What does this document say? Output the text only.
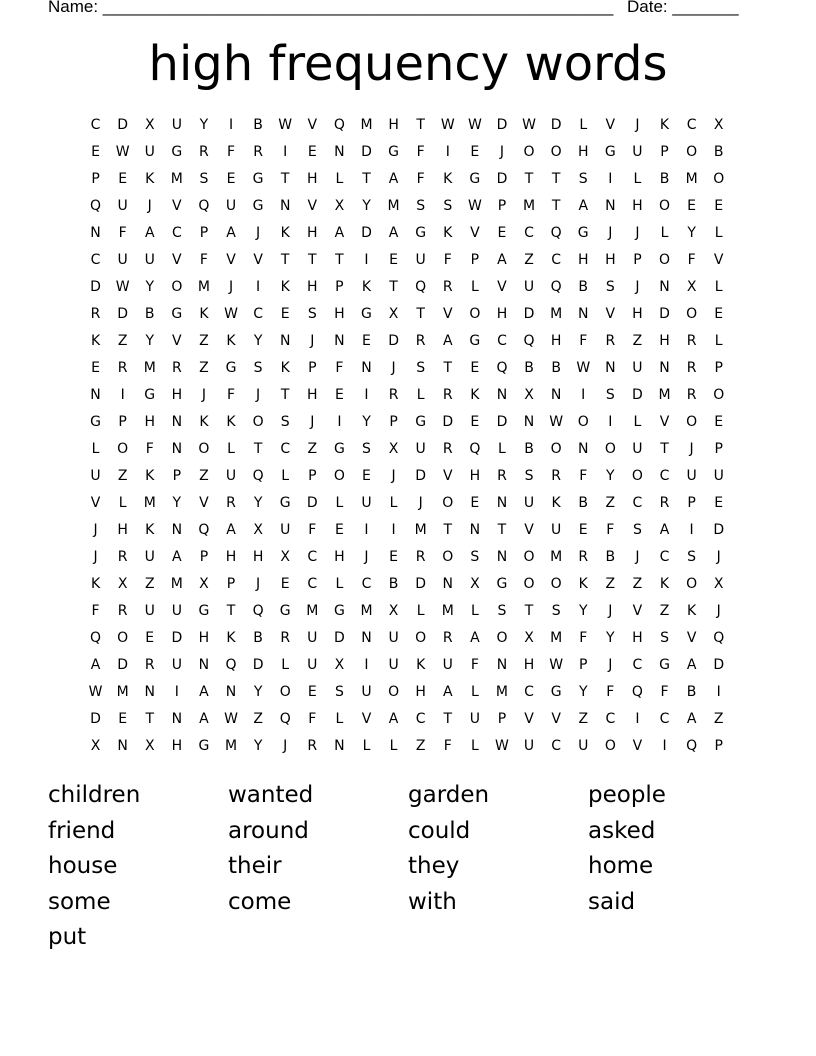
Name: ______________________________________________________ Date: _______
high frequency words
C	D	X	U	Y	I	B	W	V	Q	M	H	T	W W	D	W	D	L	V	J	K	C	X
E	W	U	G	R	F	R	I	E	N	D	G	F	I	E	J	O	O	H	G	U	P	O	B
P	E	K	M	S	E	G	T	H	L	T	A	F	K	G	D	T	T	S	I	L	B	M	O
Q	U	J	V	Q	U	G	N	V	X	Y	M	S	S	W	P	M	T	A	N	H	O	E	E
N	F	A	C	P	A	J	K	H	A	D	A	G	K	V	E	C	Q	G	J	J	L	Y	L
C	U	U	V	F	V	V	T	T	T	I	E	U	F	P	A	Z	C	H	H	P	O	F	V
D	W	Y	O	M	J	I	K	H	P	K	T	Q	R	L	V	U	Q	B	S	J	N	X	L
R	D	B	G	K	W	C	E	S	H	G	X	T	V	O	H	D	M	N	V	H	D	O	E
K	Z	Y	V	Z	K	Y	N	J	N	E	D	R	A	G	C	Q	H	F	R	Z	H	R	L
E	R	M	R	Z	G	S	K	P	F	N	J	S	T	E	Q	B	B	W	N	U	N	R	P
N	I	G	H	J	F	J	T	H	E	I	R	L	R	K	N	X	N	I	S	D	M	R	O
G	P	H	N	K	K	O	S	J	I	Y	P	G	D	E	D	N	W	O	I	L	V	O	E
L	O	F	N	O	L	T	C	Z	G	S	X	U	R	Q	L	B	O	N	O	U	T	J	P
U	Z	K	P	Z	U	Q	L	P	O	E	J	D	V	H	R	S	R	F	Y	O	C	U	U
V	L	M	Y	V	R	Y	G	D	L	U	L	J	O	E	N	U	K	B	Z	C	R	P	E
J	H	K	N	Q	A	X	U	F	E	I	I	M	T	N	T	V	U	E	F	S	A	I	D
J	R	U	A	P	H	H	X	C	H	J	E	R	O	S	N	O	M	R	B	J	C	S	J
K	X	Z	M	X	P	J	E	C	L	C	B	D	N	X	G	O	O	K	Z	Z	K	O	X
F	R	U	U	G	T	Q	G	M	G	M	X	L	M	L	S	T	S	Y	J	V	Z	K	J
Q	O	E	D	H	K	B	R	U	D	N	U	O	R	A	O	X	M	F	Y	H	S	V	Q
A	D	R	U	N	Q	D	L	U	X	I	U	K	U	F	N	H	W	P	J	C	G	A	D
W	M	N	I	A	N	Y	O	E	S	U	O	H	A	L	M	C	G	Y	F	Q	F	B	I
D	E	T	N	A	W	Z	Q	F	L	V	A	C	T	U	P	V	V	Z	C	I	C	A	Z
X	N	X	H	G	M	Y	J	R	N	L	L	Z	F	L	W	U	C	U	O	V	I	Q	P
children	wanted	garden	people
friend	around	could	asked
house	their	they	home
some	come	with	said
put
